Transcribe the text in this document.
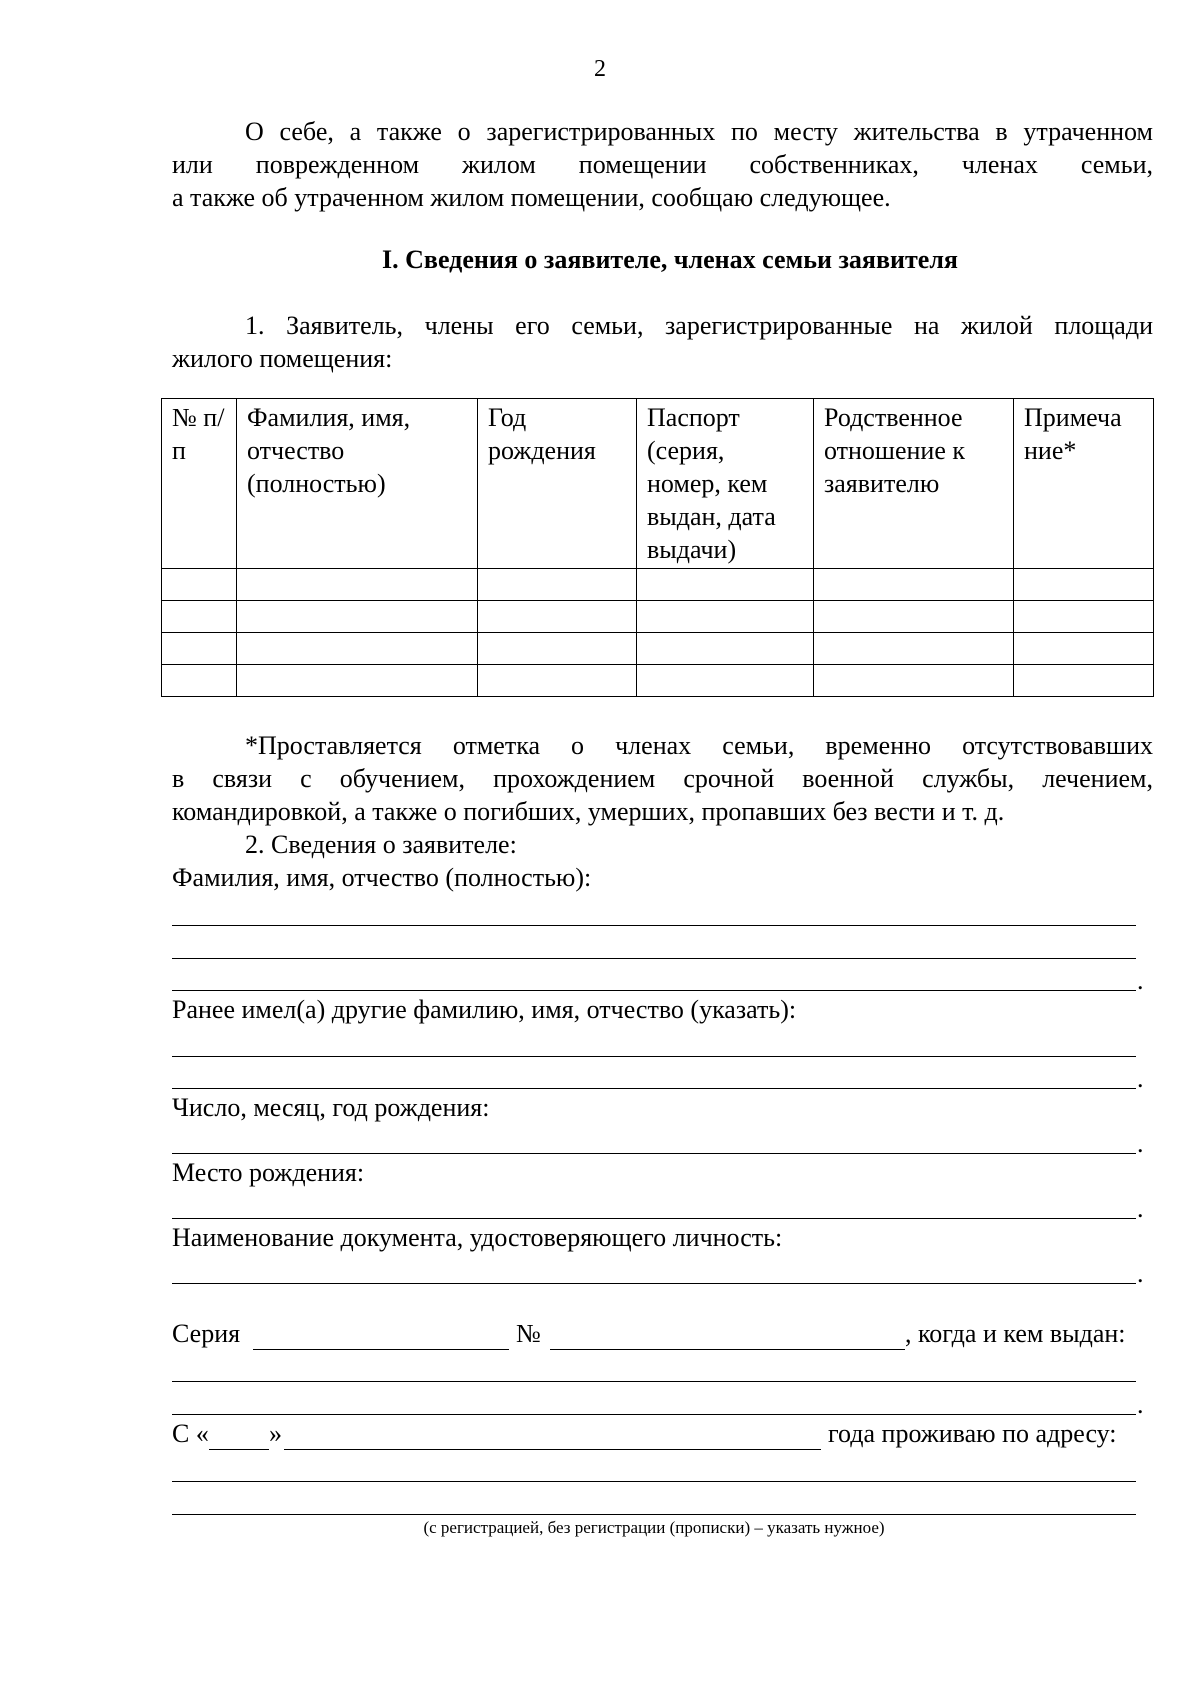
2
О себе, а также о зарегистрированных по месту жительства в утраченном
или поврежденном жилом помещении собственниках, членах семьи,
а также об утраченном жилом помещении, сообщаю следующее.
I. Сведения о заявителе, членах семьи заявителя
1. Заявитель, члены его семьи, зарегистрированные на жилой площади
жилого помещения:
№ п/п	Фамилия, имя, отчество (полностью)	Год рождения	Паспорт (серия, номер, кем выдан, дата выдачи)	Родственное отношение к заявителю	Примеча ние*

*Проставляется отметка о членах семьи, временно отсутствовавших
в связи с обучением, прохождением срочной военной службы, лечением,
командировкой, а также о погибших, умерших, пропавших без вести и т. д.
2. Сведения о заявителе:
Фамилия, имя, отчество (полностью):
.
Ранее имел(а) другие фамилию, имя, отчество (указать):
.
Число, месяц, год рождения:
.
Место рождения:
.
Наименование документа, удостоверяющего личность:
.
Серия	№	, когда и кем выдан:
.
С « »	года проживаю по адресу:
(с регистрацией, без регистрации (прописки) – указать нужное)
